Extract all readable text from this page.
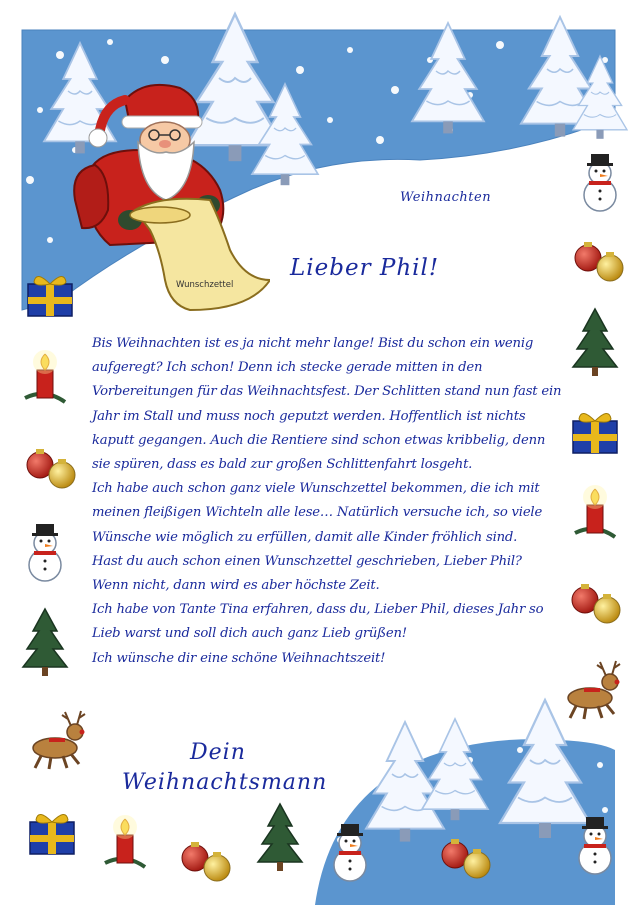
Wunschzettel
Weihnachten
Lieber Phil!

Bis Weihnachten ist es ja nicht mehr lange! Bist du schon ein wenig aufgeregt? Ich schon! Denn ich stecke gerade mitten in den Vorbereitungen für das Weihnachtsfest. Der Schlitten stand nun fast ein Jahr im Stall und muss noch geputzt werden. Hoffentlich ist nichts kaputt gegangen. Auch die Rentiere sind schon etwas kribbelig, denn sie spüren, dass es bald zur großen Schlittenfahrt losgeht.

Ich habe auch schon ganz viele Wunschzettel bekommen, die ich mit meinen fleißigen Wichteln alle lese… Natürlich versuche ich, so viele Wünsche wie möglich zu erfüllen, damit alle Kinder fröhlich sind.

Hast du auch schon einen Wunschzettel geschrieben, Lieber Phil? Wenn nicht, dann wird es aber höchste Zeit.

Ich habe von Tante Tina erfahren, dass du, Lieber Phil, dieses Jahr so Lieb warst und soll dich auch ganz Lieb grüßen!

Ich wünsche dir eine schöne Weihnachtszeit!

Dein
Weihnachtsmann
